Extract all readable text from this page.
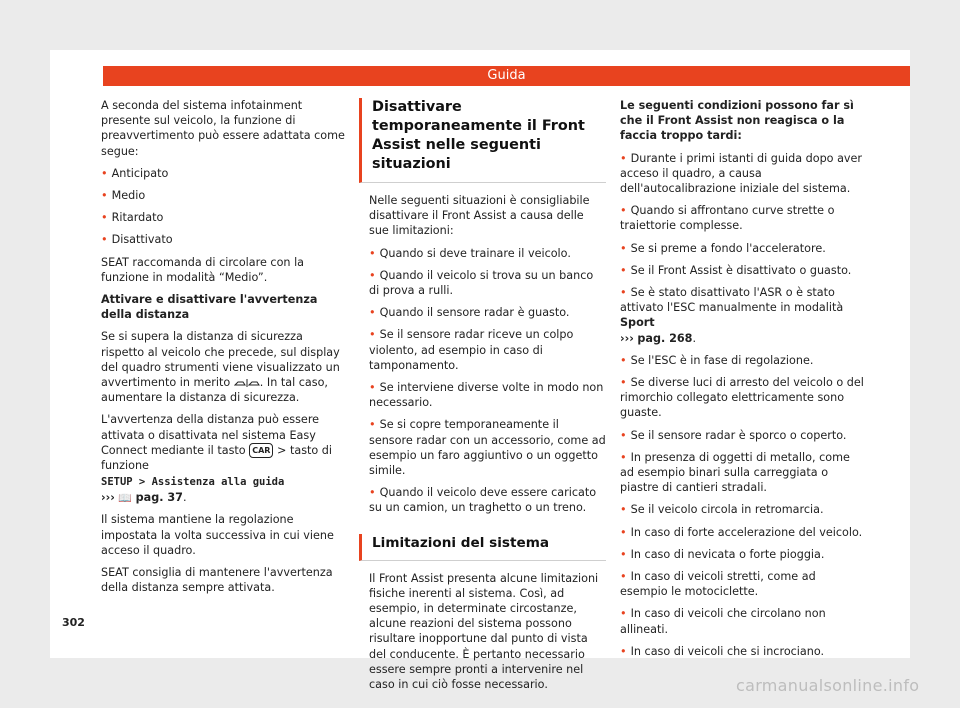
Guida

A seconda del sistema infotainment presente sul veicolo, la funzione di preavvertimento può essere adattata come segue:

• Anticipato

• Medio

• Ritardato

• Disattivato

SEAT raccomanda di circolare con la funzione in modalità “Medio”.

Attivare e disattivare l'avvertenza della distanza

Se si supera la distanza di sicurezza rispetto al veicolo che precede, sul display del quadro strumenti viene visualizzato un avvertimento in merito	. In tal caso, aumentare la distanza di sicurezza.

L'avvertenza della distanza può essere attivata o disattivata nel sistema Easy Connect mediante il tasto CAR > tasto di funzione
SETUP > Assistenza alla guida
››› 📖 pag. 37.

Il sistema mantiene la regolazione impostata la volta successiva in cui viene acceso il quadro.

SEAT consiglia di mantenere l'avvertenza della distanza sempre attivata.

Disattivare temporaneamente il Front Assist nelle seguenti situazioni

Nelle seguenti situazioni è consigliabile disattivare il Front Assist a causa delle sue limitazioni:

• Quando si deve trainare il veicolo.

• Quando il veicolo si trova su un banco di prova a rulli.

• Quando il sensore radar è guasto.

• Se il sensore radar riceve un colpo violento, ad esempio in caso di tamponamento.

• Se interviene diverse volte in modo non necessario.

• Se si copre temporaneamente il sensore radar con un accessorio, come ad esempio un faro aggiuntivo o un oggetto simile.

• Quando il veicolo deve essere caricato su un camion, un traghetto o un treno.

Limitazioni del sistema

Il Front Assist presenta alcune limitazioni fisiche inerenti al sistema. Così, ad esempio, in determinate circostanze, alcune reazioni del sistema possono risultare inopportune dal punto di vista del conducente. È pertanto necessario essere sempre pronti a intervenire nel caso in cui ciò fosse necessario.

Le seguenti condizioni possono far sì che il Front Assist non reagisca o la faccia troppo tardi:

• Durante i primi istanti di guida dopo aver acceso il quadro, a causa dell'autocalibrazione iniziale del sistema.

• Quando si affrontano curve strette o traiettorie complesse.

• Se si preme a fondo l'acceleratore.

• Se il Front Assist è disattivato o guasto.

• Se è stato disattivato l'ASR o è stato attivato l'ESC manualmente in modalità Sport
››› pag. 268.

• Se l'ESC è in fase di regolazione.

• Se diverse luci di arresto del veicolo o del rimorchio collegato elettricamente sono guaste.

• Se il sensore radar è sporco o coperto.

• In presenza di oggetti di metallo, come ad esempio binari sulla carreggiata o piastre di cantieri stradali.

• Se il veicolo circola in retromarcia.

• In caso di forte accelerazione del veicolo.

• In caso di nevicata o forte pioggia.

• In caso di veicoli stretti, come ad esempio le motociclette.

• In caso di veicoli che circolano non allineati.

• In caso di veicoli che si incrociano.

302
carmanualsonline.info
